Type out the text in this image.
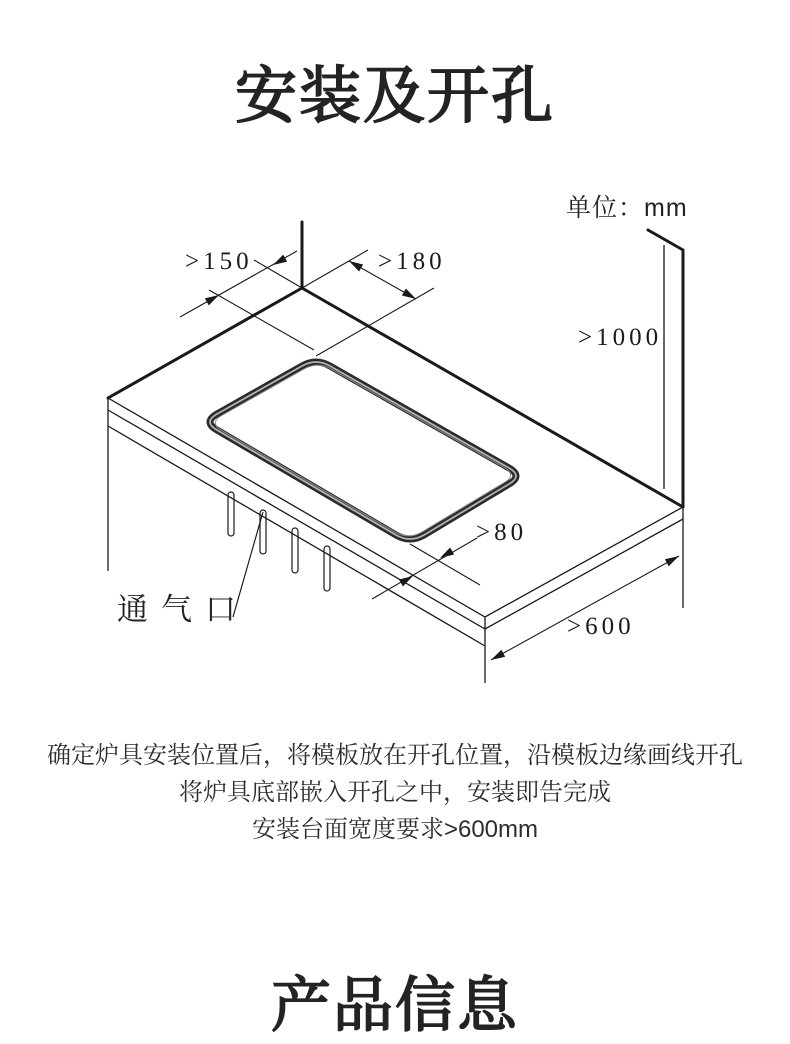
安装及开孔
单位：mm
>150	>180
>1000
>80
>600
通气口

确定炉具安装位置后，将模板放在开孔位置，沿模板边缘画线开孔

将炉具底部嵌入开孔之中，安装即告完成

安装台面宽度要求>600mm

产品信息
